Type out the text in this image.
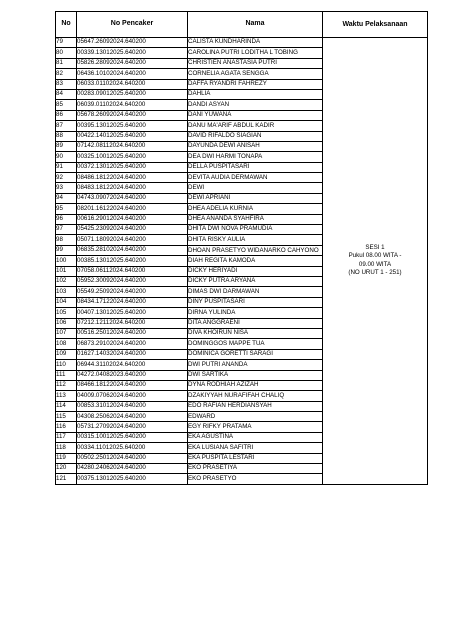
No	No Pencaker	Nama	Waktu Pelaksanaan
79	05647.26092024.640200	CALISTA KUNDHARINDA	SESI 1
Pukul 08.00 WITA -
09.00 WITA
(NO URUT 1 - 251)

80	00339.13012025.640200	CAROLINA PUTRI LODITHA L TOBING	
81	05826.28092024.640200	CHRISTIEN ANASTASIA PUTRI	
82	06436.10102024.640200	CORNELIA AGATA SENGGA	
83	06033.01102024.640200	DAFFA RYANDRI FAHREZY	
84	00283.09012025.640200	DAHLIA	
85	06039.01102024.640200	DANDI ASYAN	
86	05678.26092024.640200	DANI YUWANA	
87	00395.13012025.640200	DANU MA'ARIF ABDUL KADIR	
88	00422.14012025.640200	DAVID RIFALDO SIAGIAN	
89	07142.08112024.640200	DAYUNDA DEWI ANISAH	
90	00325.10012025.640200	DEA DWI HARMI TONAPA	
91	00372.13012025.640200	DELLA PUSPITASARI	
92	08486.18122024.640200	DEVITA AUDIA DERMAWAN	
93	08483.18122024.640200	DEWI	
94	04743.09072024.640200	DEWI APRIANI	
95	08201.16122024.640200	DHEA ADELIA KURNIA	
96	00616.29012024.640200	DHEA ANANDA SYAHFIRA	
97	05425.23092024.640200	DHITA DWI NOVA PRAMUDIA	
98	05071.18092024.640200	DHITA RISKY AULIA	
99	06835.28102024.640200	DHOAN PRASETYO WIDANARKO CAHYONO	
100	00385.13012025.640200	DIAH REGITA KAMODA	
101	07058.06112024.640200	DICKY HERIYADI	
102	05952.30092024.640200	DICKY PUTRA ARYANA	
103	05549.25092024.640200	DIMAS DWI DARMAWAN	
104	08434.17122024.640200	DINY PUSPITASARI	
105	00407.13012025.640200	DIRNA YULINDA	
106	07212.12112024.640200	DITA ANGGRAENI	
107	00516.25012024.640200	DIVA KHOIRUN NISA	
108	06873.29102024.640200	DOMINGGOS MAPPE TUA	
109	01627.14032024.640200	DOMINICA GORETTI SARAGI	
110	06944.31102024.640200	DWI PUTRI ANANDA	
111	04272.04082023.640200	DWI SARTIKA	
112	08466.18122024.640200	DYNA RODHIAH AZIZAH	
113	04009.07062024.640200	DZAKIYYAH NURAFIFAH CHALIQ	
114	00853.31012024.640200	EDO RAFIAN HERDIANSYAH	
115	04308.25062024.640200	EDWARD	
116	05731.27092024.640200	EGY RIFKY PRATAMA	
117	00315.10012025.640200	EKA AGUSTINA	
118	00334.11012025.640200	EKA LUSIANA SAFITRI	
119	00502.25012024.640200	EKA PUSPITA LESTARI	
120	04280.24062024.640200	EKO PRASETIYA	
121	00375.13012025.640200	EKO PRASETYO	
